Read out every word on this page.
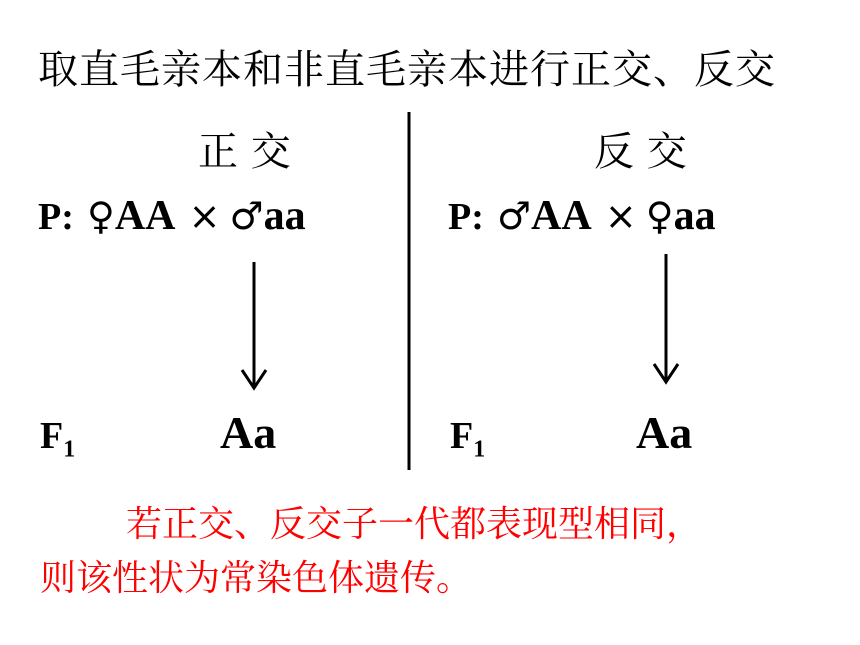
取直毛亲本和非直毛亲本进行正交、反交
正 交
P: ♀AA × ♂aa
$F_1$	Aa
反 交
P: ♂AA × ♀aa
$F_1$	Aa
若正交、反交子一代都表现型相同，
则该性状为常染色体遗传。
